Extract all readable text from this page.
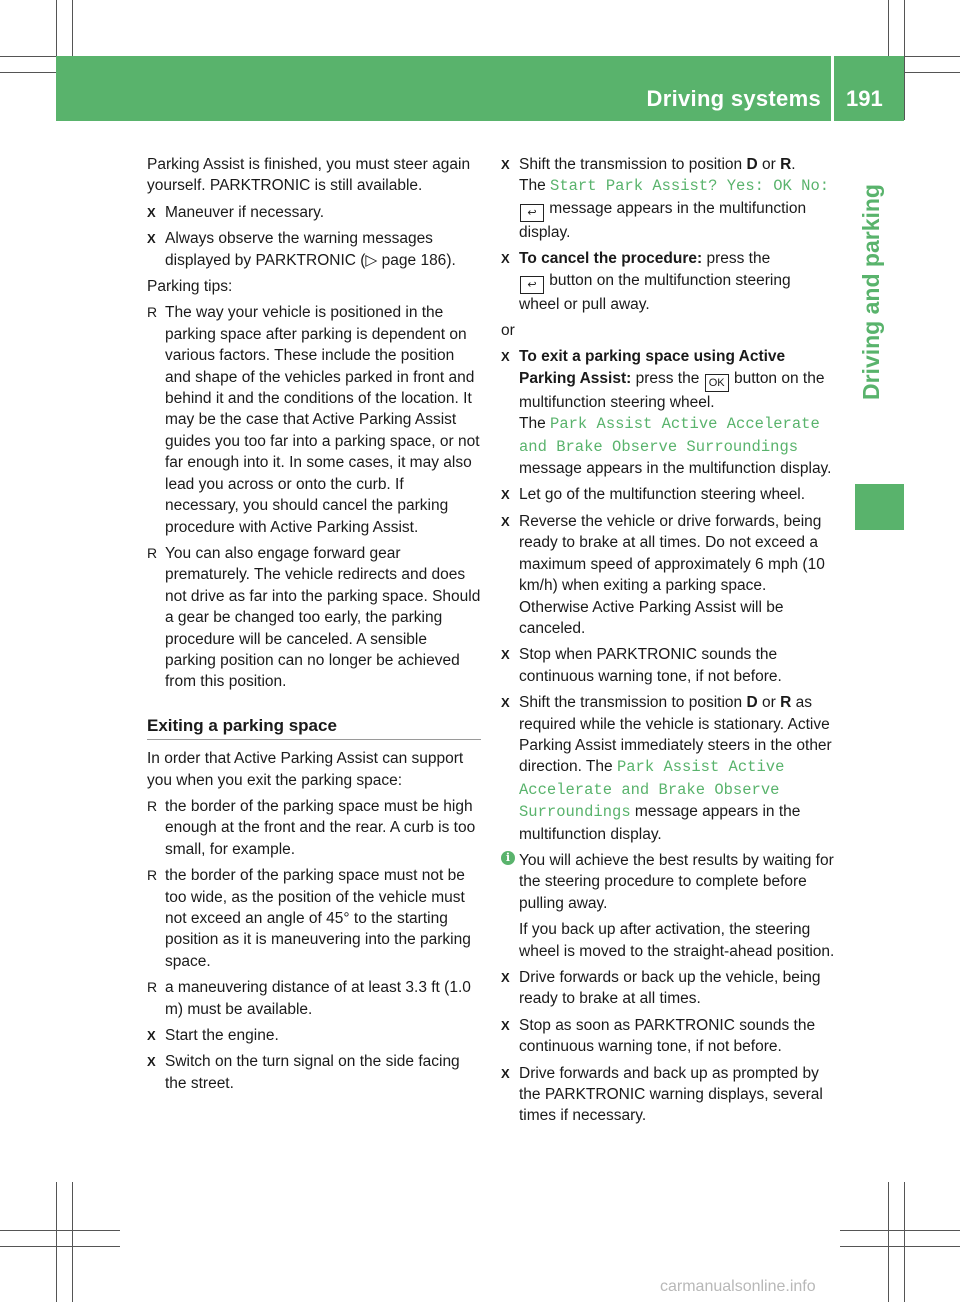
Driving systems 191
Driving and parking

Parking Assist is finished, you must steer again yourself. PARKTRONIC is still available.

X Maneuver if necessary.
X Always observe the warning messages displayed by PARKTRONIC (▷ page 186).

Parking tips:

R The way your vehicle is positioned in the parking space after parking is dependent on various factors. These include the position and shape of the vehicles parked in front and behind it and the conditions of the location. It may be the case that Active Parking Assist guides you too far into a parking space, or not far enough into it. In some cases, it may also lead you across or onto the curb. If necessary, you should cancel the parking procedure with Active Parking Assist.
R You can also engage forward gear prematurely. The vehicle redirects and does not drive as far into the parking space. Should a gear be changed too early, the parking procedure will be canceled. A sensible parking position can no longer be achieved from this position.
Exiting a parking space

In order that Active Parking Assist can support you when you exit the parking space:

R the border of the parking space must be high enough at the front and the rear. A curb is too small, for example.
R the border of the parking space must not be too wide, as the position of the vehicle must not exceed an angle of 45° to the starting position as it is maneuvering into the parking space.
R a maneuvering distance of at least 3.3 ft (1.0 m) must be available.
X Start the engine.
X Switch on the turn signal on the side facing the street.
X Shift the transmission to position D or R.
The Start Park Assist? Yes: OK No:
↩ message appears in the multifunction display.
X To cancel the procedure: press the
↩ button on the multifunction steering wheel or pull away.

or

X To exit a parking space using Active Parking Assist: press the OK button on the multifunction steering wheel.
The Park Assist Active Accelerate and Brake Observe Surroundings message appears in the multifunction display.
X Let go of the multifunction steering wheel.
X Reverse the vehicle or drive forwards, being ready to brake at all times. Do not exceed a maximum speed of approximately 6 mph (10 km/h) when exiting a parking space. Otherwise Active Parking Assist will be canceled.
X Stop when PARKTRONIC sounds the continuous warning tone, if not before.
X Shift the transmission to position D or R as required while the vehicle is stationary. Active Parking Assist immediately steers in the other direction. The Park Assist Active Accelerate and Brake Observe Surroundings message appears in the multifunction display.
i You will achieve the best results by waiting for the steering procedure to complete before pulling away.

If you back up after activation, the steering wheel is moved to the straight-ahead position.

X Drive forwards or back up the vehicle, being ready to brake at all times.
X Stop as soon as PARKTRONIC sounds the continuous warning tone, if not before.
X Drive forwards and back up as prompted by the PARKTRONIC warning displays, several times if necessary.
carmanualsonline.info
